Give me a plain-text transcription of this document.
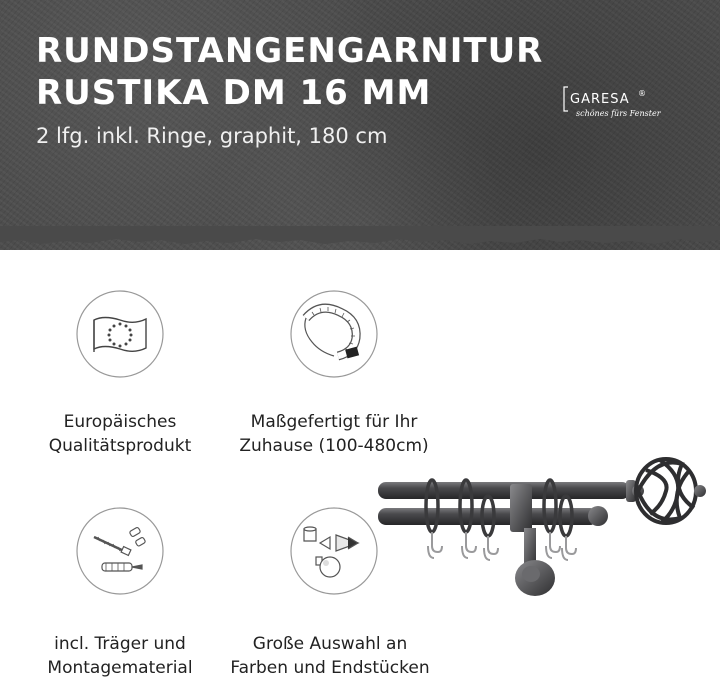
RUNDSTANGENGARNITUR
RUSTIKA DM 16 MM

2 lfg. inkl. Ringe, graphit, 180 cm

GARESA ®
schönes fürs Fenster
Europäisches
Qualitätsprodukt
Maßgefertigt für Ihr
Zuhause (100-480cm)
incl. Träger und
Montagematerial
Große Auswahl an
Farben und Endstücken
